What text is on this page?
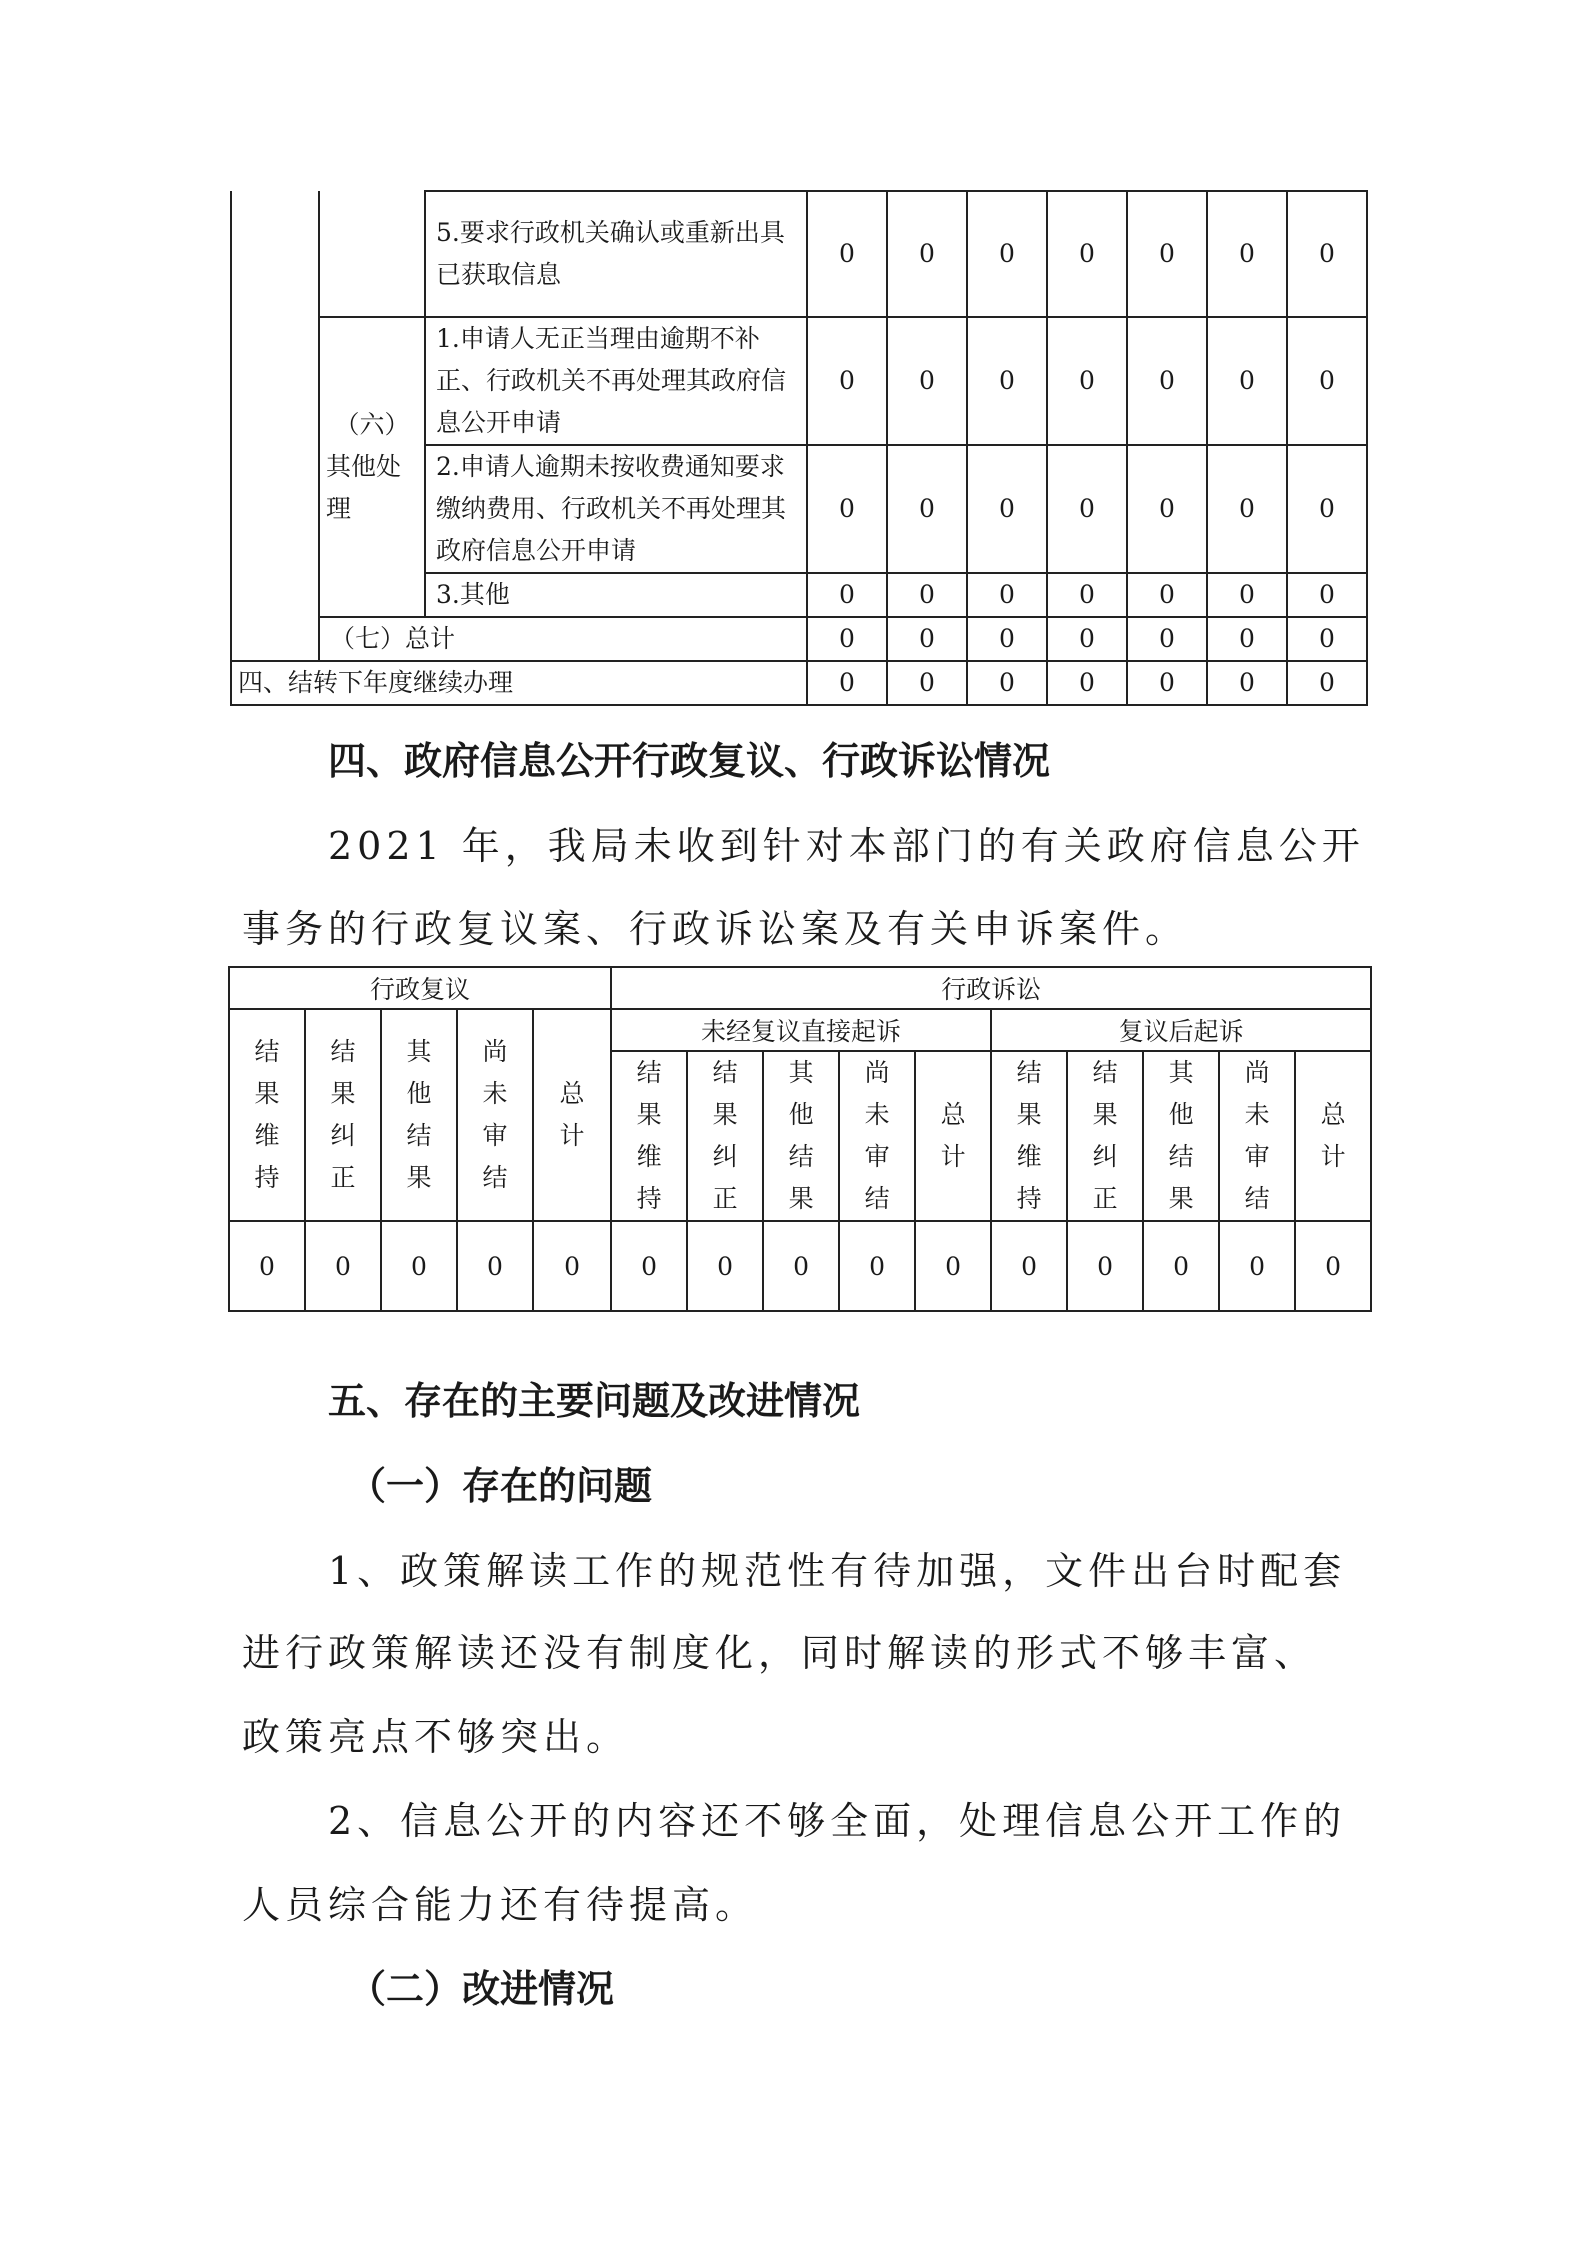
		5.要求行政机关确认或重新出具已获取信息	0	0	0	0	0	0	0

	（六）
其他处理	1.申请人无正当理由逾期不补正、行政机关不再处理其政府信息公开申请	0	0	0	0	0	0	0
		2.申请人逾期未按收费通知要求缴纳费用、行政机关不再处理其政府信息公开申请	0	0	0	0	0	0	0
		3.其他	0	0	0	0	0	0	0
	（七）总计		0	0	0	0	0	0	0
四、结转下年度继续办理			0	0	0	0	0	0	0
四、政府信息公开行政复议、行政诉讼情况
2021 年，我局未收到针对本部门的有关政府信息公开
事务的行政复议案、行政诉讼案及有关申诉案件。
行政复议					行政诉讼									

结果维持	结果纠正	其他结果	尚未审结	总计	未经复议直接起诉					复议后起诉				

					结果维持	结果纠正	其他结果	尚未审结	总计	结果维持	结果纠正	其他结果	尚未审结	总计

0	0	0	0	0	0	0	0	0	0	0	0	0	0	0
五、存在的主要问题及改进情况
（一）存在的问题
1、政策解读工作的规范性有待加强，文件出台时配套
进行政策解读还没有制度化，同时解读的形式不够丰富、
政策亮点不够突出。
2、信息公开的内容还不够全面，处理信息公开工作的
人员综合能力还有待提高。
（二）改进情况
